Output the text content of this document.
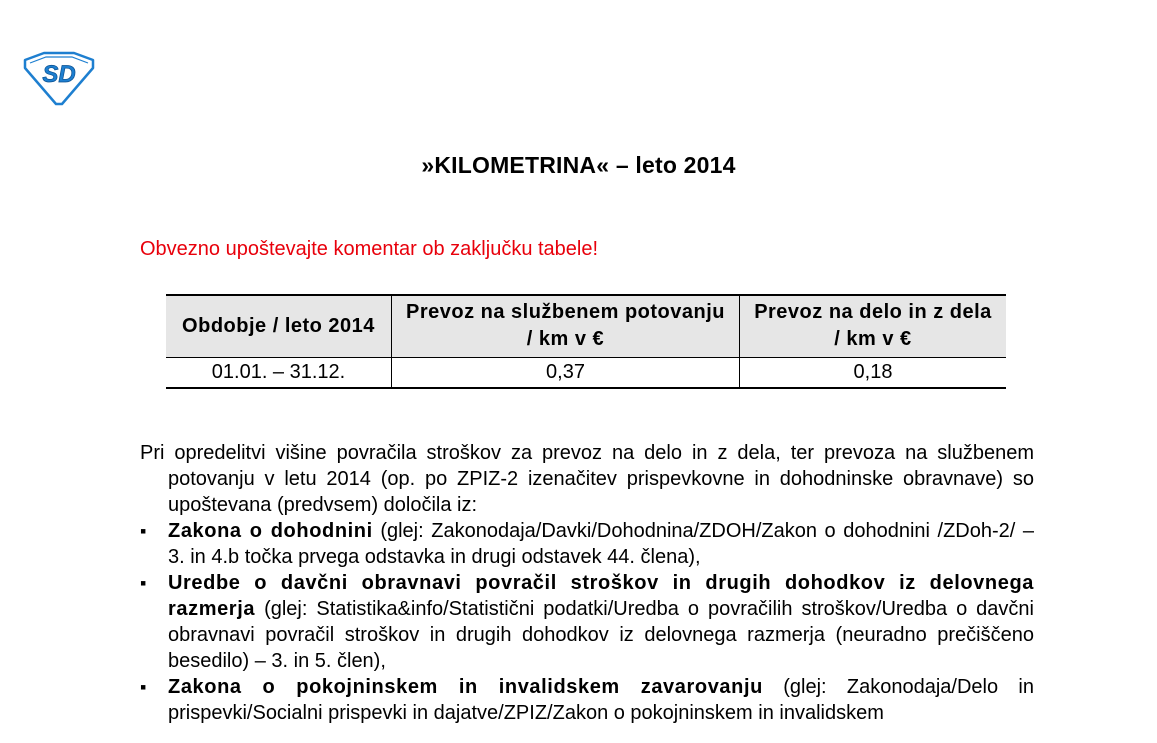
SD
»KILOMETRINA« – leto 2014
Obvezno upoštevajte komentar ob zaključku tabele!
Obdobje / leto 2014	Prevoz na službenem potovanju / km v €	Prevoz na delo in z dela / km v €
01.01. – 31.12.	0,37	0,18

Pri opredelitvi višine povračila stroškov za prevoz na delo in z dela, ter prevoza na službenem potovanju v letu 2014 (op. po ZPIZ-2 izenačitev prispevkovne in dohodninske obravnave) so upoštevana (predvsem) določila iz:

▪ Zakona o dohodnini (glej: Zakonodaja/Davki/Dohodnina/ZDOH/Zakon o dohodnini /ZDoh-2/ – 3. in 4.b točka prvega odstavka in drugi odstavek 44. člena),
▪ Uredbe o davčni obravnavi povračil stroškov in drugih dohodkov iz delovnega razmerja (glej: Statistika&info/Statistični podatki/Uredba o povračilih stroškov/Uredba o davčni obravnavi povračil stroškov in drugih dohodkov iz delovnega razmerja (neuradno prečiščeno besedilo) – 3. in 5. člen),
▪ Zakona o pokojninskem in invalidskem zavarovanju (glej: Zakonodaja/Delo in prispevki/Socialni prispevki in dajatve/ZPIZ/Zakon o pokojninskem in invalidskem
